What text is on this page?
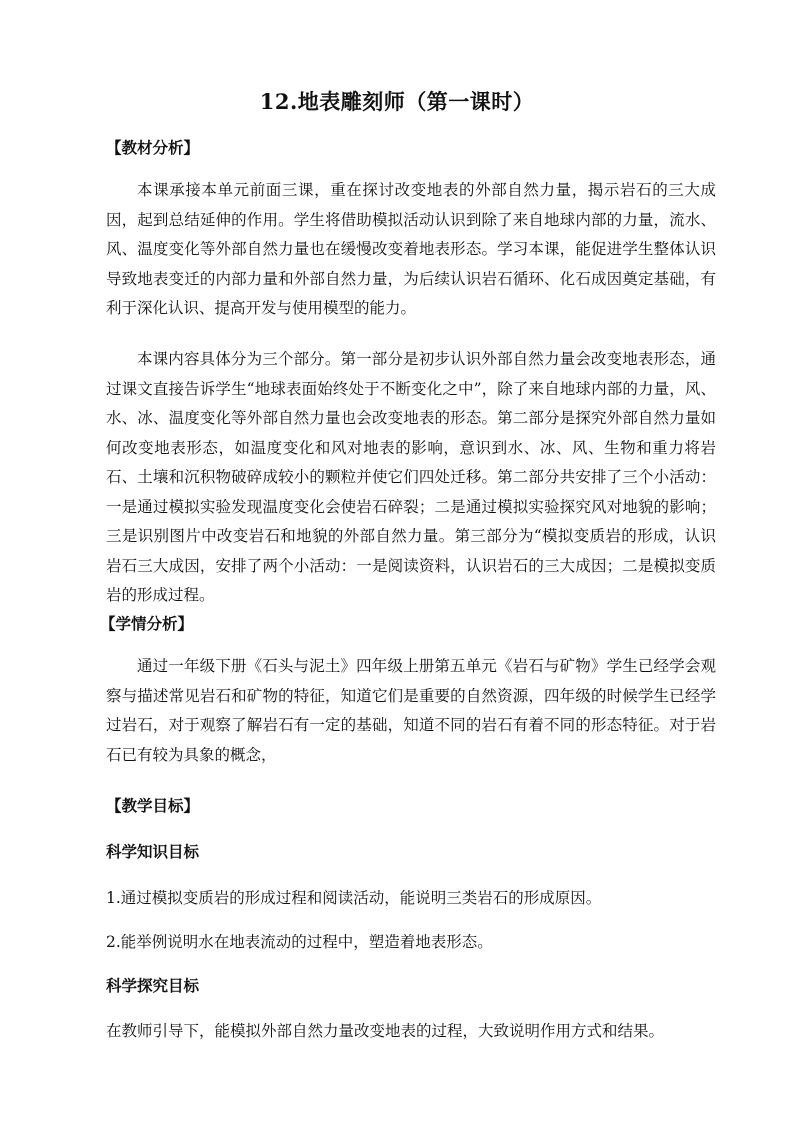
12.地表雕刻师（第一课时）
【教材分析】
本课承接本单元前面三课，重在探讨改变地表的外部自然力量，揭示岩石的三大成因，起到总结延伸的作用。学生将借助模拟活动认识到除了来自地球内部的力量，流水、风、温度变化等外部自然力量也在缓慢改变着地表形态。学习本课，能促进学生整体认识导致地表变迁的内部力量和外部自然力量，为后续认识岩石循环、化石成因奠定基础，有利于深化认识、提高开发与使用模型的能力。
本课内容具体分为三个部分。第一部分是初步认识外部自然力量会改变地表形态，通过课文直接告诉学生“地球表面始终处于不断变化之中”，除了来自地球内部的力量，风、水、冰、温度变化等外部自然力量也会改变地表的形态。第二部分是探究外部自然力量如何改变地表形态，如温度变化和风对地表的影响，意识到水、冰、风、生物和重力将岩石、土壤和沉积物破碎成较小的颗粒并使它们四处迁移。第二部分共安排了三个小活动：一是通过模拟实验发现温度变化会使岩石碎裂；二是通过模拟实验探究风对地貌的影响；三是识别图片中改变岩石和地貌的外部自然力量。第三部分为“模拟变质岩的形成，认识岩石三大成因，安排了两个小活动：一是阅读资料，认识岩石的三大成因；二是模拟变质岩的形成过程。
【学情分析】
通过一年级下册《石头与泥土》四年级上册第五单元《岩石与矿物》学生已经学会观察与描述常见岩石和矿物的特征，知道它们是重要的自然资源，四年级的时候学生已经学过岩石，对于观察了解岩石有一定的基础，知道不同的岩石有着不同的形态特征。对于岩石已有较为具象的概念，
【教学目标】
科学知识目标
1.通过模拟变质岩的形成过程和阅读活动，能说明三类岩石的形成原因。
2.能举例说明水在地表流动的过程中，塑造着地表形态。
科学探究目标
在教师引导下，能模拟外部自然力量改变地表的过程，大致说明作用方式和结果。
